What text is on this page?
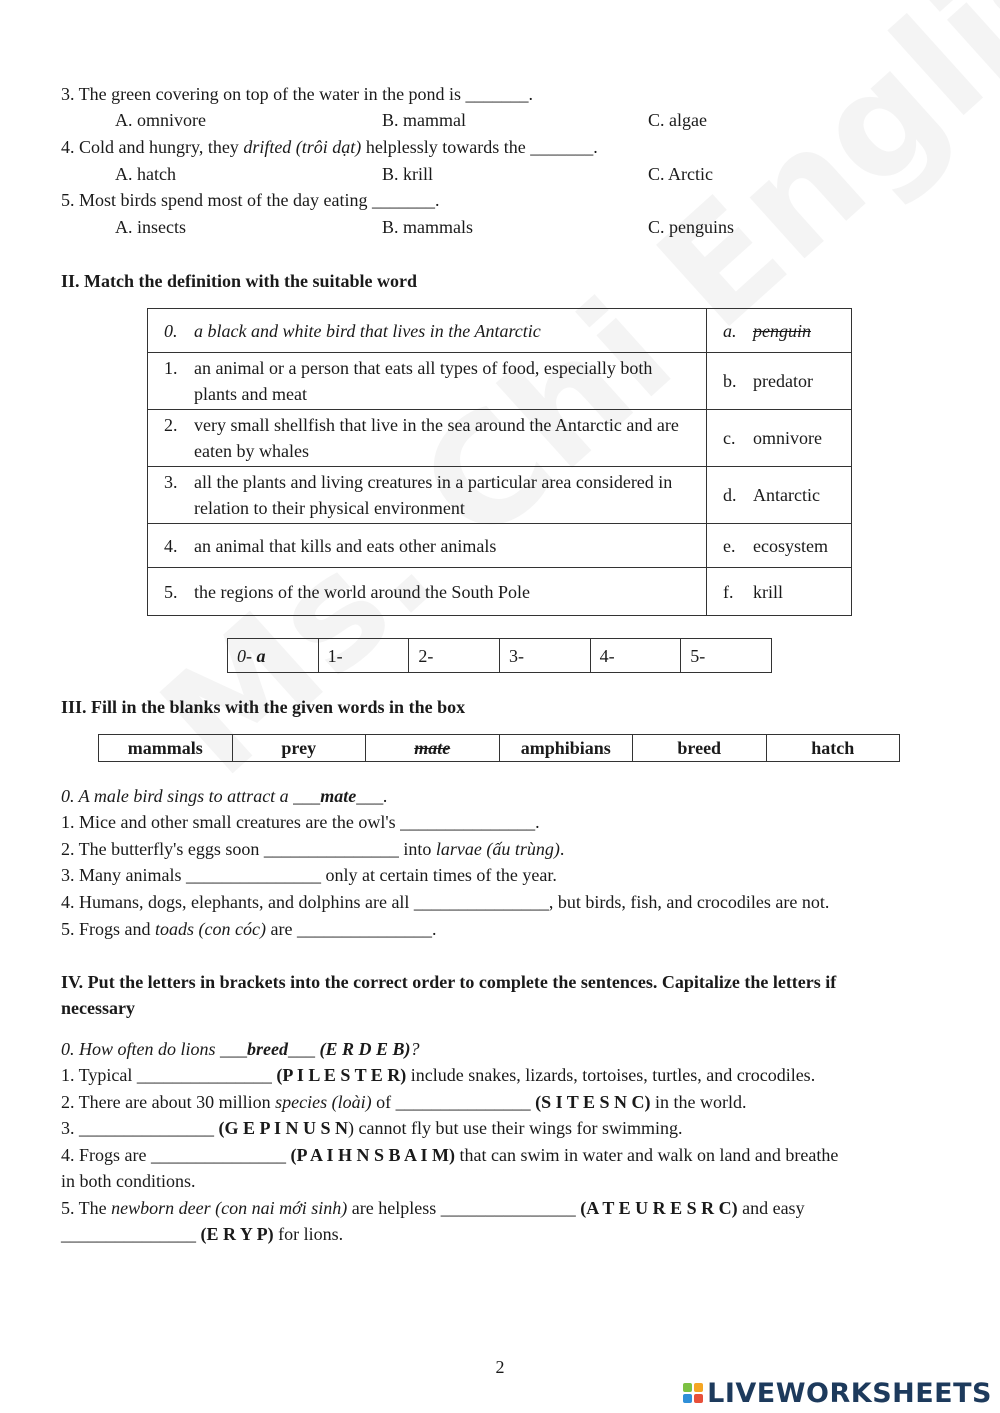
3. The green covering on top of the water in the pond is _______.
A. omnivore	B. mammal	C. algae
4. Cold and hungry, they drifted (trôi dạt) helplessly towards the _______.
A. hatch	B. krill	C. Arctic
5. Most birds spend most of the day eating _______.
A. insects	B. mammals	C. penguins
II. Match the definition with the suitable word
0. a black and white bird that lives in the Antarctic	a. penguin
1. an animal or a person that eats all types of food, especially both plants and meat	b. predator
2. very small shellfish that live in the sea around the Antarctic and are eaten by whales	c. omnivore
3. all the plants and living creatures in a particular area considered in relation to their physical environment	d. Antarctic
4. an animal that kills and eats other animals	e. ecosystem
5. the regions of the world around the South Pole	f. krill
0- a	1-	2-	3-	4-	5-
III. Fill in the blanks with the given words in the box
mammals	prey	mate	amphibians	breed	hatch
0. A male bird sings to attract a ___mate___.
1. Mice and other small creatures are the owl's _______________.
2. The butterfly's eggs soon _______________ into larvae (ấu trùng).
3. Many animals _______________ only at certain times of the year.
4. Humans, dogs, elephants, and dolphins are all _______________, but birds, fish, and crocodiles are not.
5. Frogs and toads (con cóc) are _______________.
IV. Put the letters in brackets into the correct order to complete the sentences. Capitalize the letters if
necessary
0. How often do lions ___breed___ (E R D E B)?
1. Typical _______________ (P I L E S T E R) include snakes, lizards, tortoises, turtles, and crocodiles.
2. There are about 30 million species (loài) of _______________ (S I T E S N C) in the world.
3. _______________ (G E P I N U S N) cannot fly but use their wings for swimming.
4. Frogs are _______________ (P A I H N S B A I M) that can swim in water and walk on land and breathe
in both conditions.
5. The newborn deer (con nai mới sinh) are helpless _______________ (A T E U R E S R C) and easy
_______________ (E R Y P) for lions.
2
LIVEWORKSHEETS
